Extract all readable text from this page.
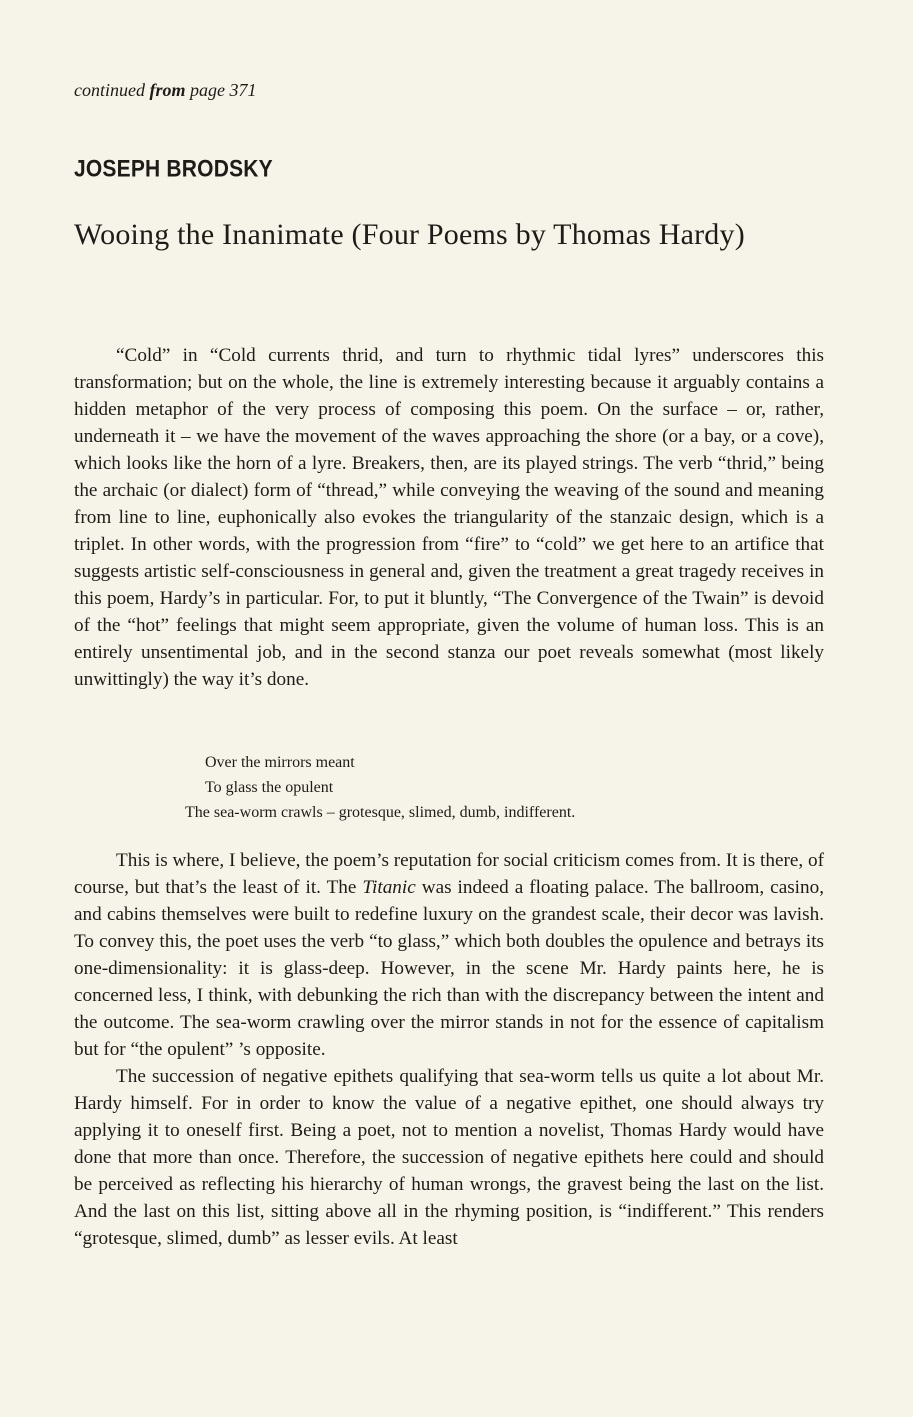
continued from page 371
JOSEPH BRODSKY
Wooing the Inanimate (Four Poems by Thomas Hardy)

“Cold” in “Cold currents thrid, and turn to rhythmic tidal lyres” underscores this transformation; but on the whole, the line is extremely interesting because it arguably contains a hidden metaphor of the very process of composing this poem. On the surface – or, rather, underneath it – we have the movement of the waves approaching the shore (or a bay, or a cove), which looks like the horn of a lyre. Breakers, then, are its played strings. The verb “thrid,” being the archaic (or dialect) form of “thread,” while conveying the weaving of the sound and meaning from line to line, euphonically also evokes the triangularity of the stanzaic design, which is a triplet. In other words, with the progression from “fire” to “cold” we get here to an artifice that suggests artistic self-consciousness in general and, given the treatment a great tragedy receives in this poem, Hardy’s in particular. For, to put it bluntly, “The Convergence of the Twain” is devoid of the “hot” feelings that might seem appropriate, given the volume of human loss. This is an entirely unsentimental job, and in the second stanza our poet reveals somewhat (most likely unwittingly) the way it’s done.

Over the mirrors meant
To glass the opulent
The sea-worm crawls – grotesque, slimed, dumb, indifferent.

This is where, I believe, the poem’s reputation for social criticism comes from. It is there, of course, but that’s the least of it. The Titanic was indeed a floating palace. The ballroom, casino, and cabins themselves were built to redefine luxury on the grandest scale, their decor was lavish. To convey this, the poet uses the verb “to glass,” which both doubles the opulence and betrays its one-dimensionality: it is glass-deep. However, in the scene Mr. Hardy paints here, he is concerned less, I think, with debunking the rich than with the discrepancy between the intent and the outcome. The sea-worm crawling over the mirror stands in not for the essence of capitalism but for “the opulent” ’s opposite.

The succession of negative epithets qualifying that sea-worm tells us quite a lot about Mr. Hardy himself. For in order to know the value of a negative epithet, one should always try applying it to oneself first. Being a poet, not to mention a novelist, Thomas Hardy would have done that more than once. Therefore, the succession of negative epithets here could and should be perceived as reflecting his hierarchy of human wrongs, the gravest being the last on the list. And the last on this list, sitting above all in the rhyming position, is “indifferent.” This renders “grotesque, slimed, dumb” as lesser evils. At least
